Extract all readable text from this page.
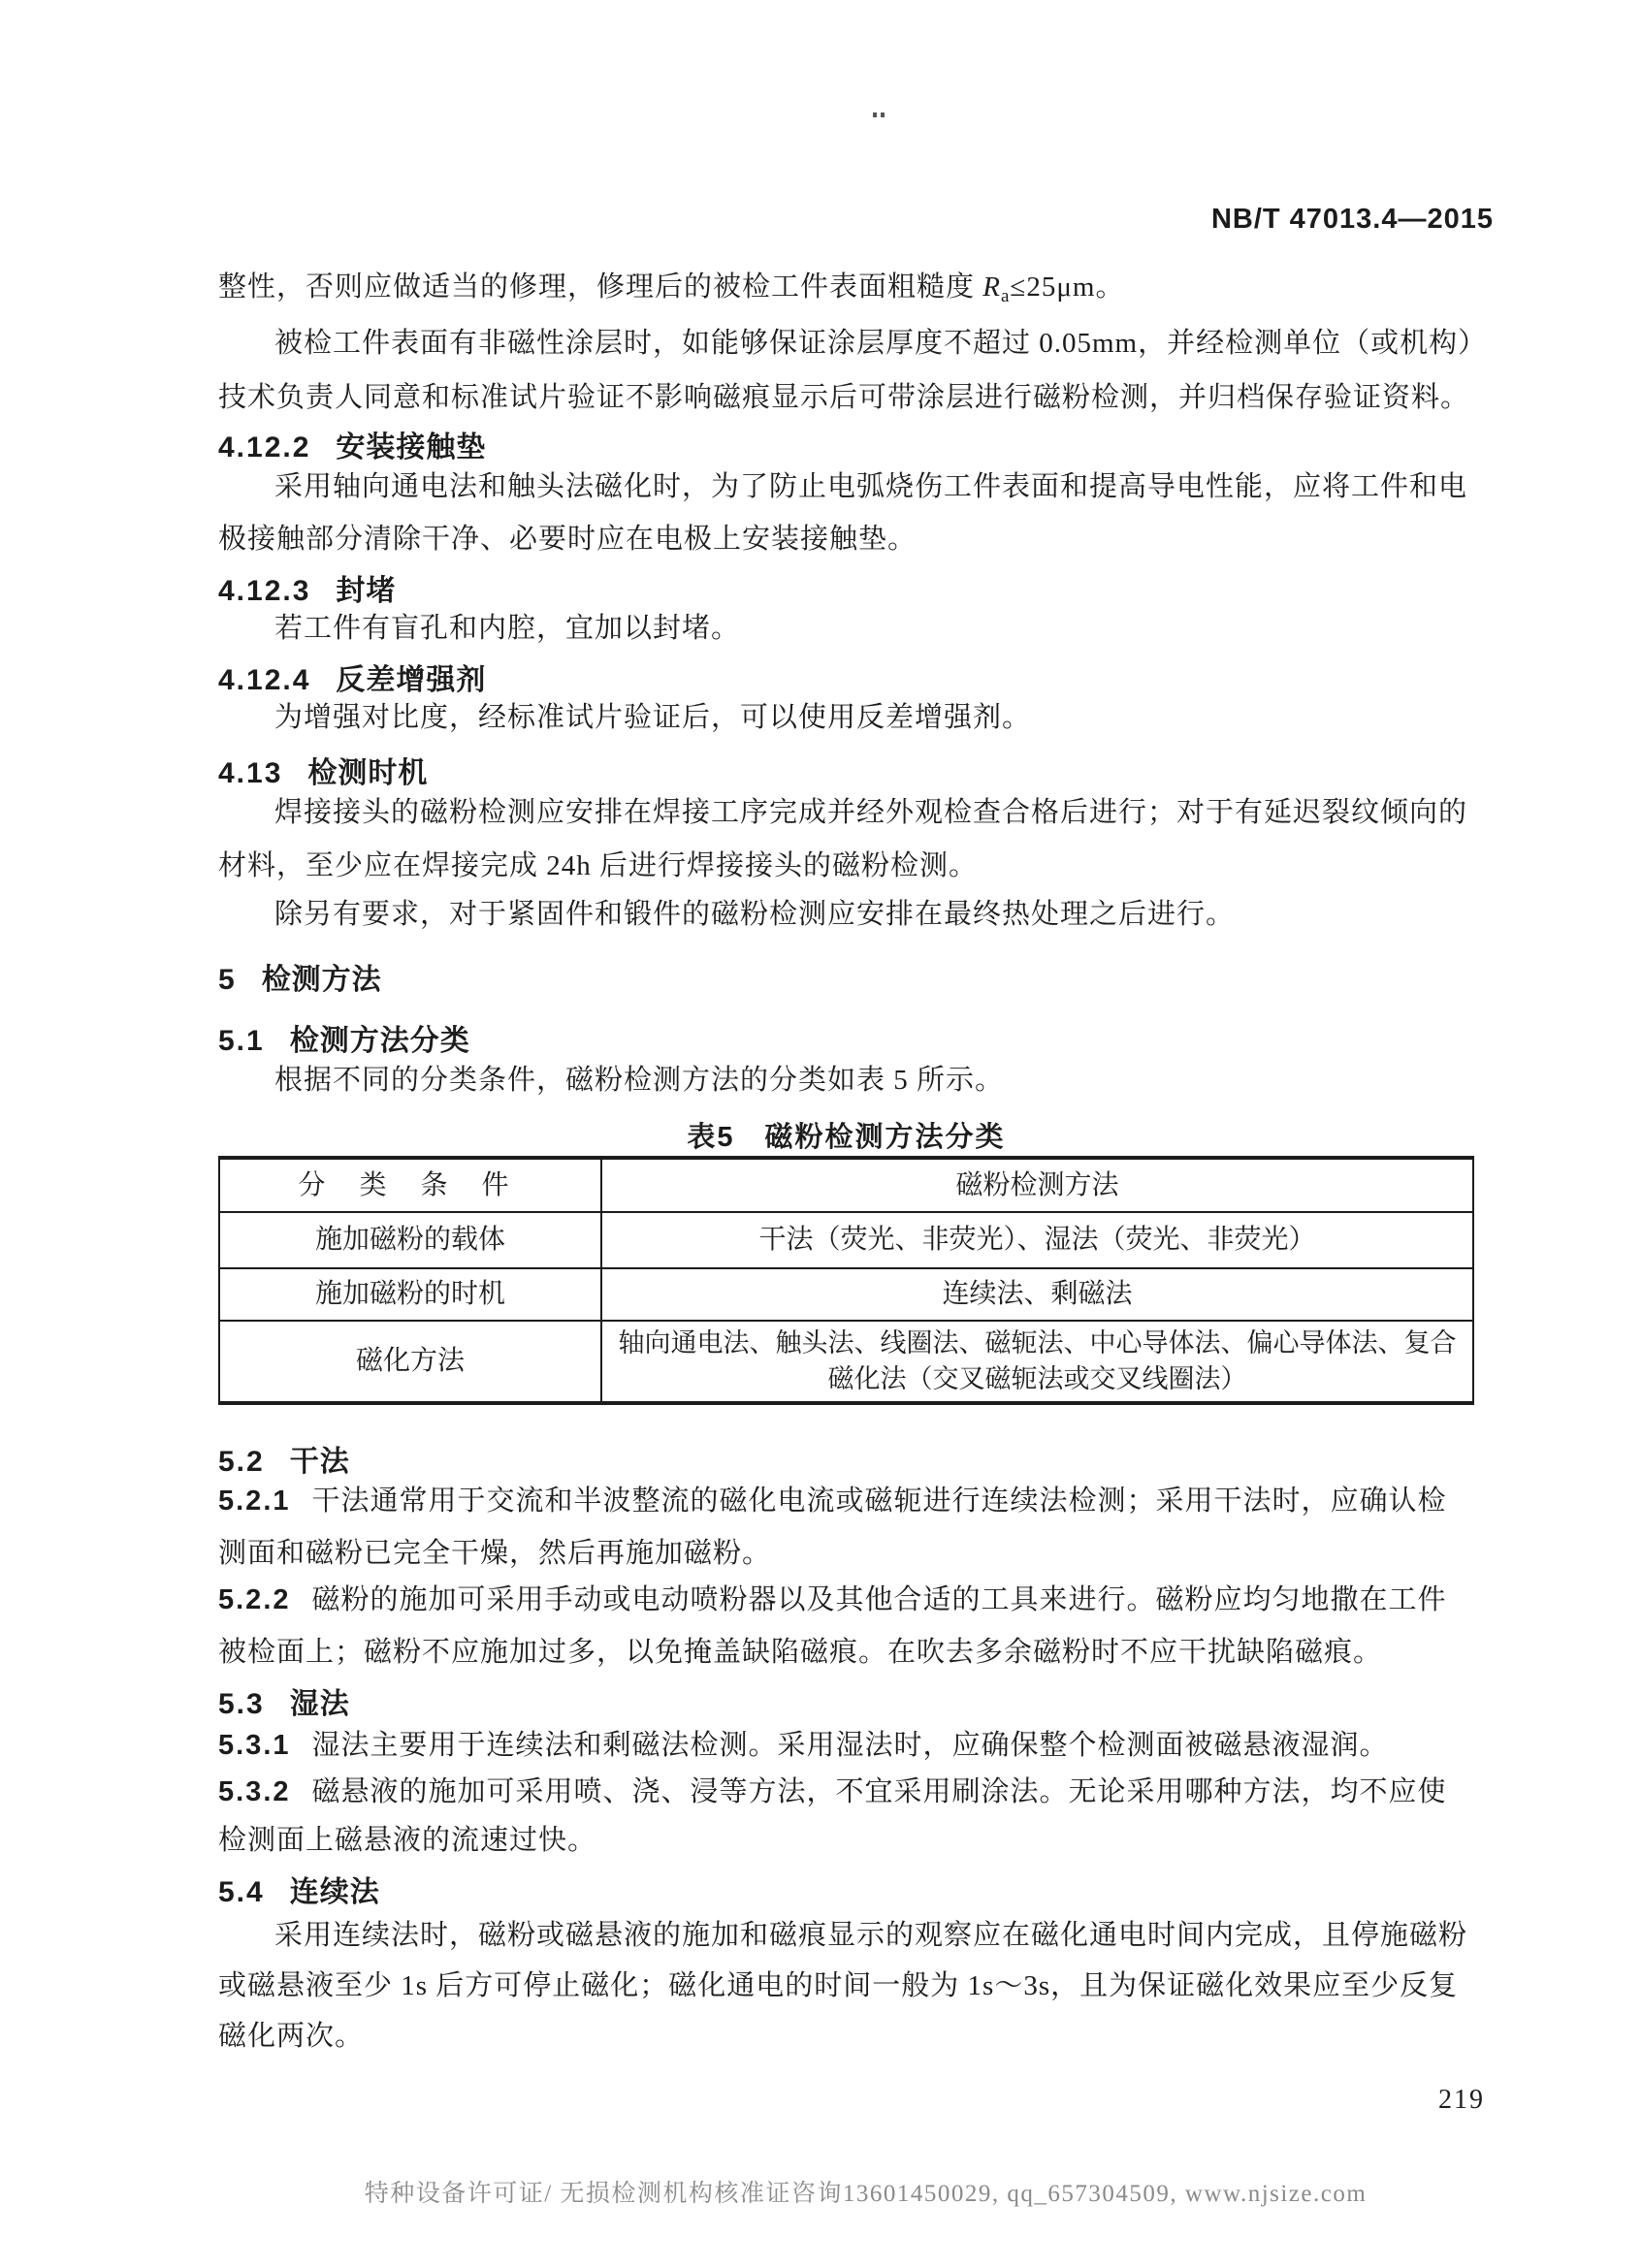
NB/T 47013.4—2015
整性，否则应做适当的修理，修理后的被检工件表面粗糙度 $R_a\le 25\mu m$。
被检工件表面有非磁性涂层时，如能够保证涂层厚度不超过 0.05mm，并经检测单位（或机构）
技术负责人同意和标准试片验证不影响磁痕显示后可带涂层进行磁粉检测，并归档保存验证资料。
4.12.2 安装接触垫
采用轴向通电法和触头法磁化时，为了防止电弧烧伤工件表面和提高导电性能，应将工件和电
极接触部分清除干净、必要时应在电极上安装接触垫。
4.12.3 封堵
若工件有盲孔和内腔，宜加以封堵。
4.12.4 反差增强剂
为增强对比度，经标准试片验证后，可以使用反差增强剂。
4.13 检测时机
焊接接头的磁粉检测应安排在焊接工序完成并经外观检查合格后进行；对于有延迟裂纹倾向的
材料，至少应在焊接完成 24h 后进行焊接接头的磁粉检测。
除另有要求，对于紧固件和锻件的磁粉检测应安排在最终热处理之后进行。
5 检测方法
5.1 检测方法分类
根据不同的分类条件，磁粉检测方法的分类如表 5 所示。
表5　磁粉检测方法分类
分 类 条 件	磁粉检测方法
施加磁粉的载体	干法（荧光、非荧光）、湿法（荧光、非荧光）
施加磁粉的时机	连续法、剩磁法
磁化方法	轴向通电法、触头法、线圈法、磁轭法、中心导体法、偏心导体法、复合磁化法（交叉磁轭法或交叉线圈法）
5.2 干法
5.2.1 干法通常用于交流和半波整流的磁化电流或磁轭进行连续法检测；采用干法时，应确认检
测面和磁粉已完全干燥，然后再施加磁粉。
5.2.2 磁粉的施加可采用手动或电动喷粉器以及其他合适的工具来进行。磁粉应均匀地撒在工件
被检面上；磁粉不应施加过多，以免掩盖缺陷磁痕。在吹去多余磁粉时不应干扰缺陷磁痕。
5.3 湿法
5.3.1 湿法主要用于连续法和剩磁法检测。采用湿法时，应确保整个检测面被磁悬液湿润。
5.3.2 磁悬液的施加可采用喷、浇、浸等方法，不宜采用刷涂法。无论采用哪种方法，均不应使
检测面上磁悬液的流速过快。
5.4 连续法
采用连续法时，磁粉或磁悬液的施加和磁痕显示的观察应在磁化通电时间内完成，且停施磁粉
或磁悬液至少 1s 后方可停止磁化；磁化通电的时间一般为 1s～3s，且为保证磁化效果应至少反复
磁化两次。
219
特种设备许可证/ 无损检测机构核准证咨询13601450029, qq_657304509, www.njsize.com
